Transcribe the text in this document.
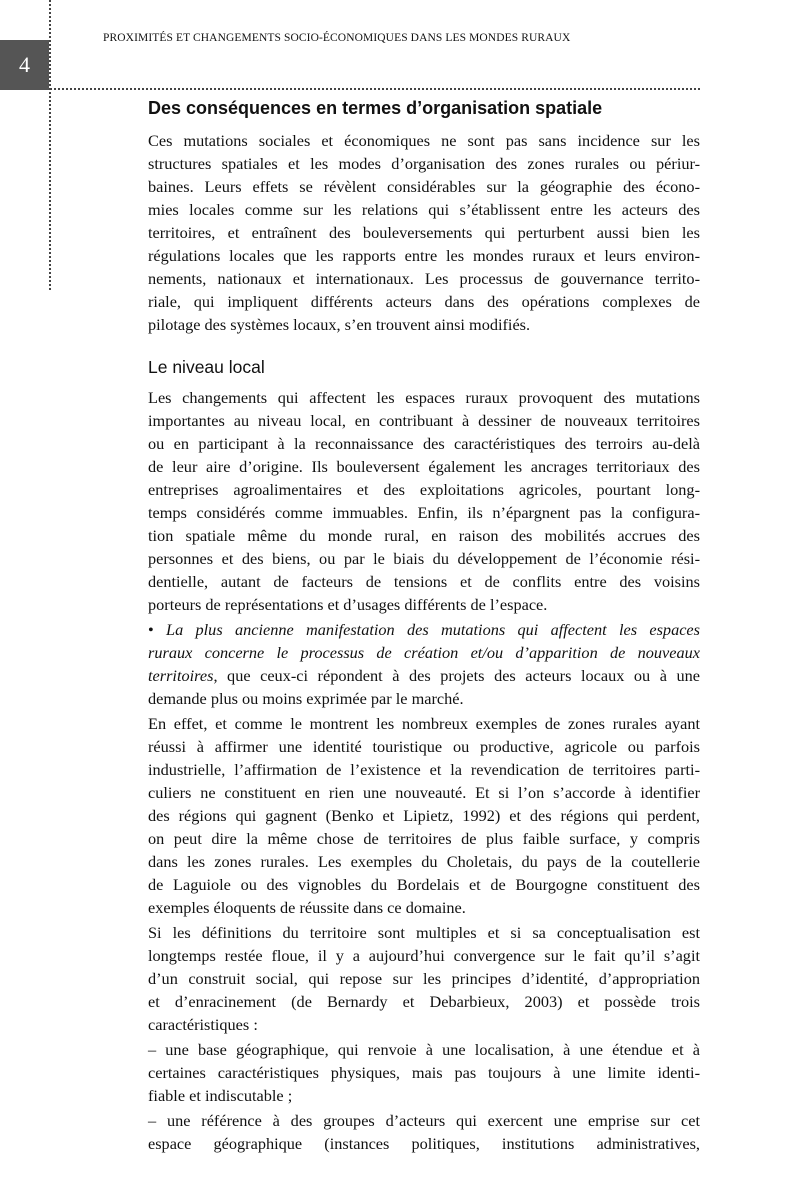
4
PROXIMITÉS ET CHANGEMENTS SOCIO-ÉCONOMIQUES DANS LES MONDES RURAUX
Des conséquences en termes d’organisation spatiale
Ces mutations sociales et économiques ne sont pas sans incidence sur les
structures spatiales et les modes d’organisation des zones rurales ou périur-
baines. Leurs effets se révèlent considérables sur la géographie des écono-
mies locales comme sur les relations qui s’établissent entre les acteurs des
territoires, et entraînent des bouleversements qui perturbent aussi bien les
régulations locales que les rapports entre les mondes ruraux et leurs environ-
nements, nationaux et internationaux. Les processus de gouvernance territo-
riale, qui impliquent différents acteurs dans des opérations complexes de
pilotage des systèmes locaux, s’en trouvent ainsi modifiés.
Le niveau local
Les changements qui affectent les espaces ruraux provoquent des mutations
importantes au niveau local, en contribuant à dessiner de nouveaux territoires
ou en participant à la reconnaissance des caractéristiques des terroirs au-delà
de leur aire d’origine. Ils bouleversent également les ancrages territoriaux des
entreprises agroalimentaires et des exploitations agricoles, pourtant long-
temps considérés comme immuables. Enfin, ils n’épargnent pas la configura-
tion spatiale même du monde rural, en raison des mobilités accrues des
personnes et des biens, ou par le biais du développement de l’économie rési-
dentielle, autant de facteurs de tensions et de conflits entre des voisins
porteurs de représentations et d’usages différents de l’espace.
• La plus ancienne manifestation des mutations qui affectent les espaces
ruraux concerne le processus de création et/ou d’apparition de nouveaux
territoires, que ceux-ci répondent à des projets des acteurs locaux ou à une
demande plus ou moins exprimée par le marché.
En effet, et comme le montrent les nombreux exemples de zones rurales ayant
réussi à affirmer une identité touristique ou productive, agricole ou parfois
industrielle, l’affirmation de l’existence et la revendication de territoires parti-
culiers ne constituent en rien une nouveauté. Et si l’on s’accorde à identifier
des régions qui gagnent (Benko et Lipietz, 1992) et des régions qui perdent,
on peut dire la même chose de territoires de plus faible surface, y compris
dans les zones rurales. Les exemples du Choletais, du pays de la coutellerie
de Laguiole ou des vignobles du Bordelais et de Bourgogne constituent des
exemples éloquents de réussite dans ce domaine.
Si les définitions du territoire sont multiples et si sa conceptualisation est
longtemps restée floue, il y a aujourd’hui convergence sur le fait qu’il s’agit
d’un construit social, qui repose sur les principes d’identité, d’appropriation
et d’enracinement (de Bernardy et Debarbieux, 2003) et possède trois
caractéristiques :
– une base géographique, qui renvoie à une localisation, à une étendue et à
certaines caractéristiques physiques, mais pas toujours à une limite identi-
fiable et indiscutable ;
– une référence à des groupes d’acteurs qui exercent une emprise sur cet
espace géographique (instances politiques, institutions administratives,
